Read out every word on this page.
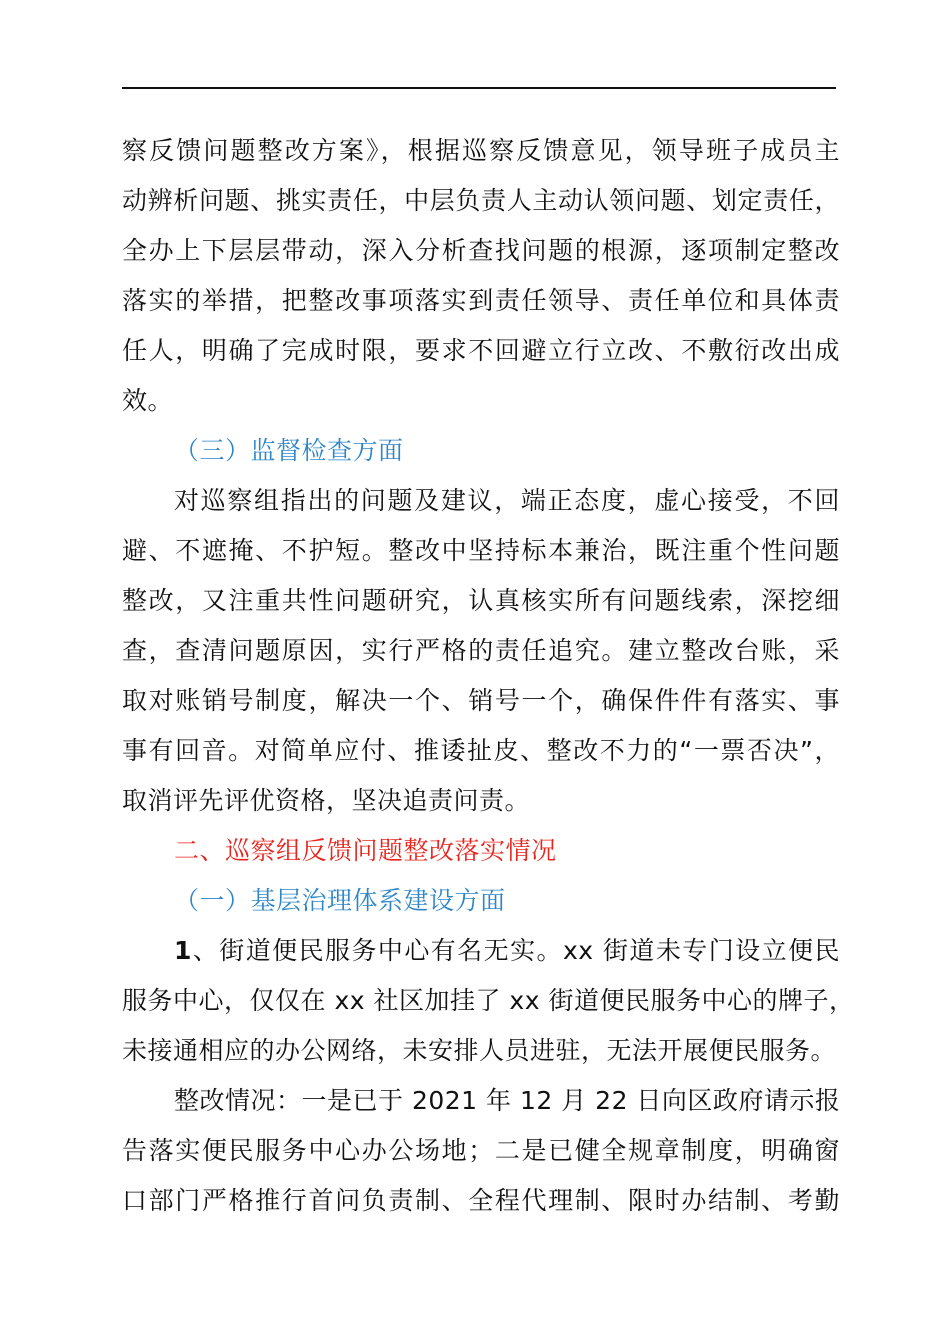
察反馈问题整改方案》，根据巡察反馈意见，领导班子成员主
动辨析问题、挑实责任，中层负责人主动认领问题、划定责任，
全办上下层层带动，深入分析查找问题的根源，逐项制定整改
落实的举措，把整改事项落实到责任领导、责任单位和具体责
任人，明确了完成时限，要求不回避立行立改、不敷衍改出成
效。
（三）监督检查方面
对巡察组指出的问题及建议，端正态度，虚心接受，不回
避、不遮掩、不护短。整改中坚持标本兼治，既注重个性问题
整改，又注重共性问题研究，认真核实所有问题线索，深挖细
查，查清问题原因，实行严格的责任追究。建立整改台账，采
取对账销号制度，解决一个、销号一个，确保件件有落实、事
事有回音。对简单应付、推诿扯皮、整改不力的“一票否决”，
取消评先评优资格，坚决追责问责。
二、巡察组反馈问题整改落实情况
（一）基层治理体系建设方面
1、街道便民服务中心有名无实。xx 街道未专门设立便民
服务中心，仅仅在 xx 社区加挂了 xx 街道便民服务中心的牌子，
未接通相应的办公网络，未安排人员进驻，无法开展便民服务。
整改情况：一是已于 2021 年 12 月 22 日向区政府请示报
告落实便民服务中心办公场地；二是已健全规章制度，明确窗
口部门严格推行首问负责制、全程代理制、限时办结制、考勤
